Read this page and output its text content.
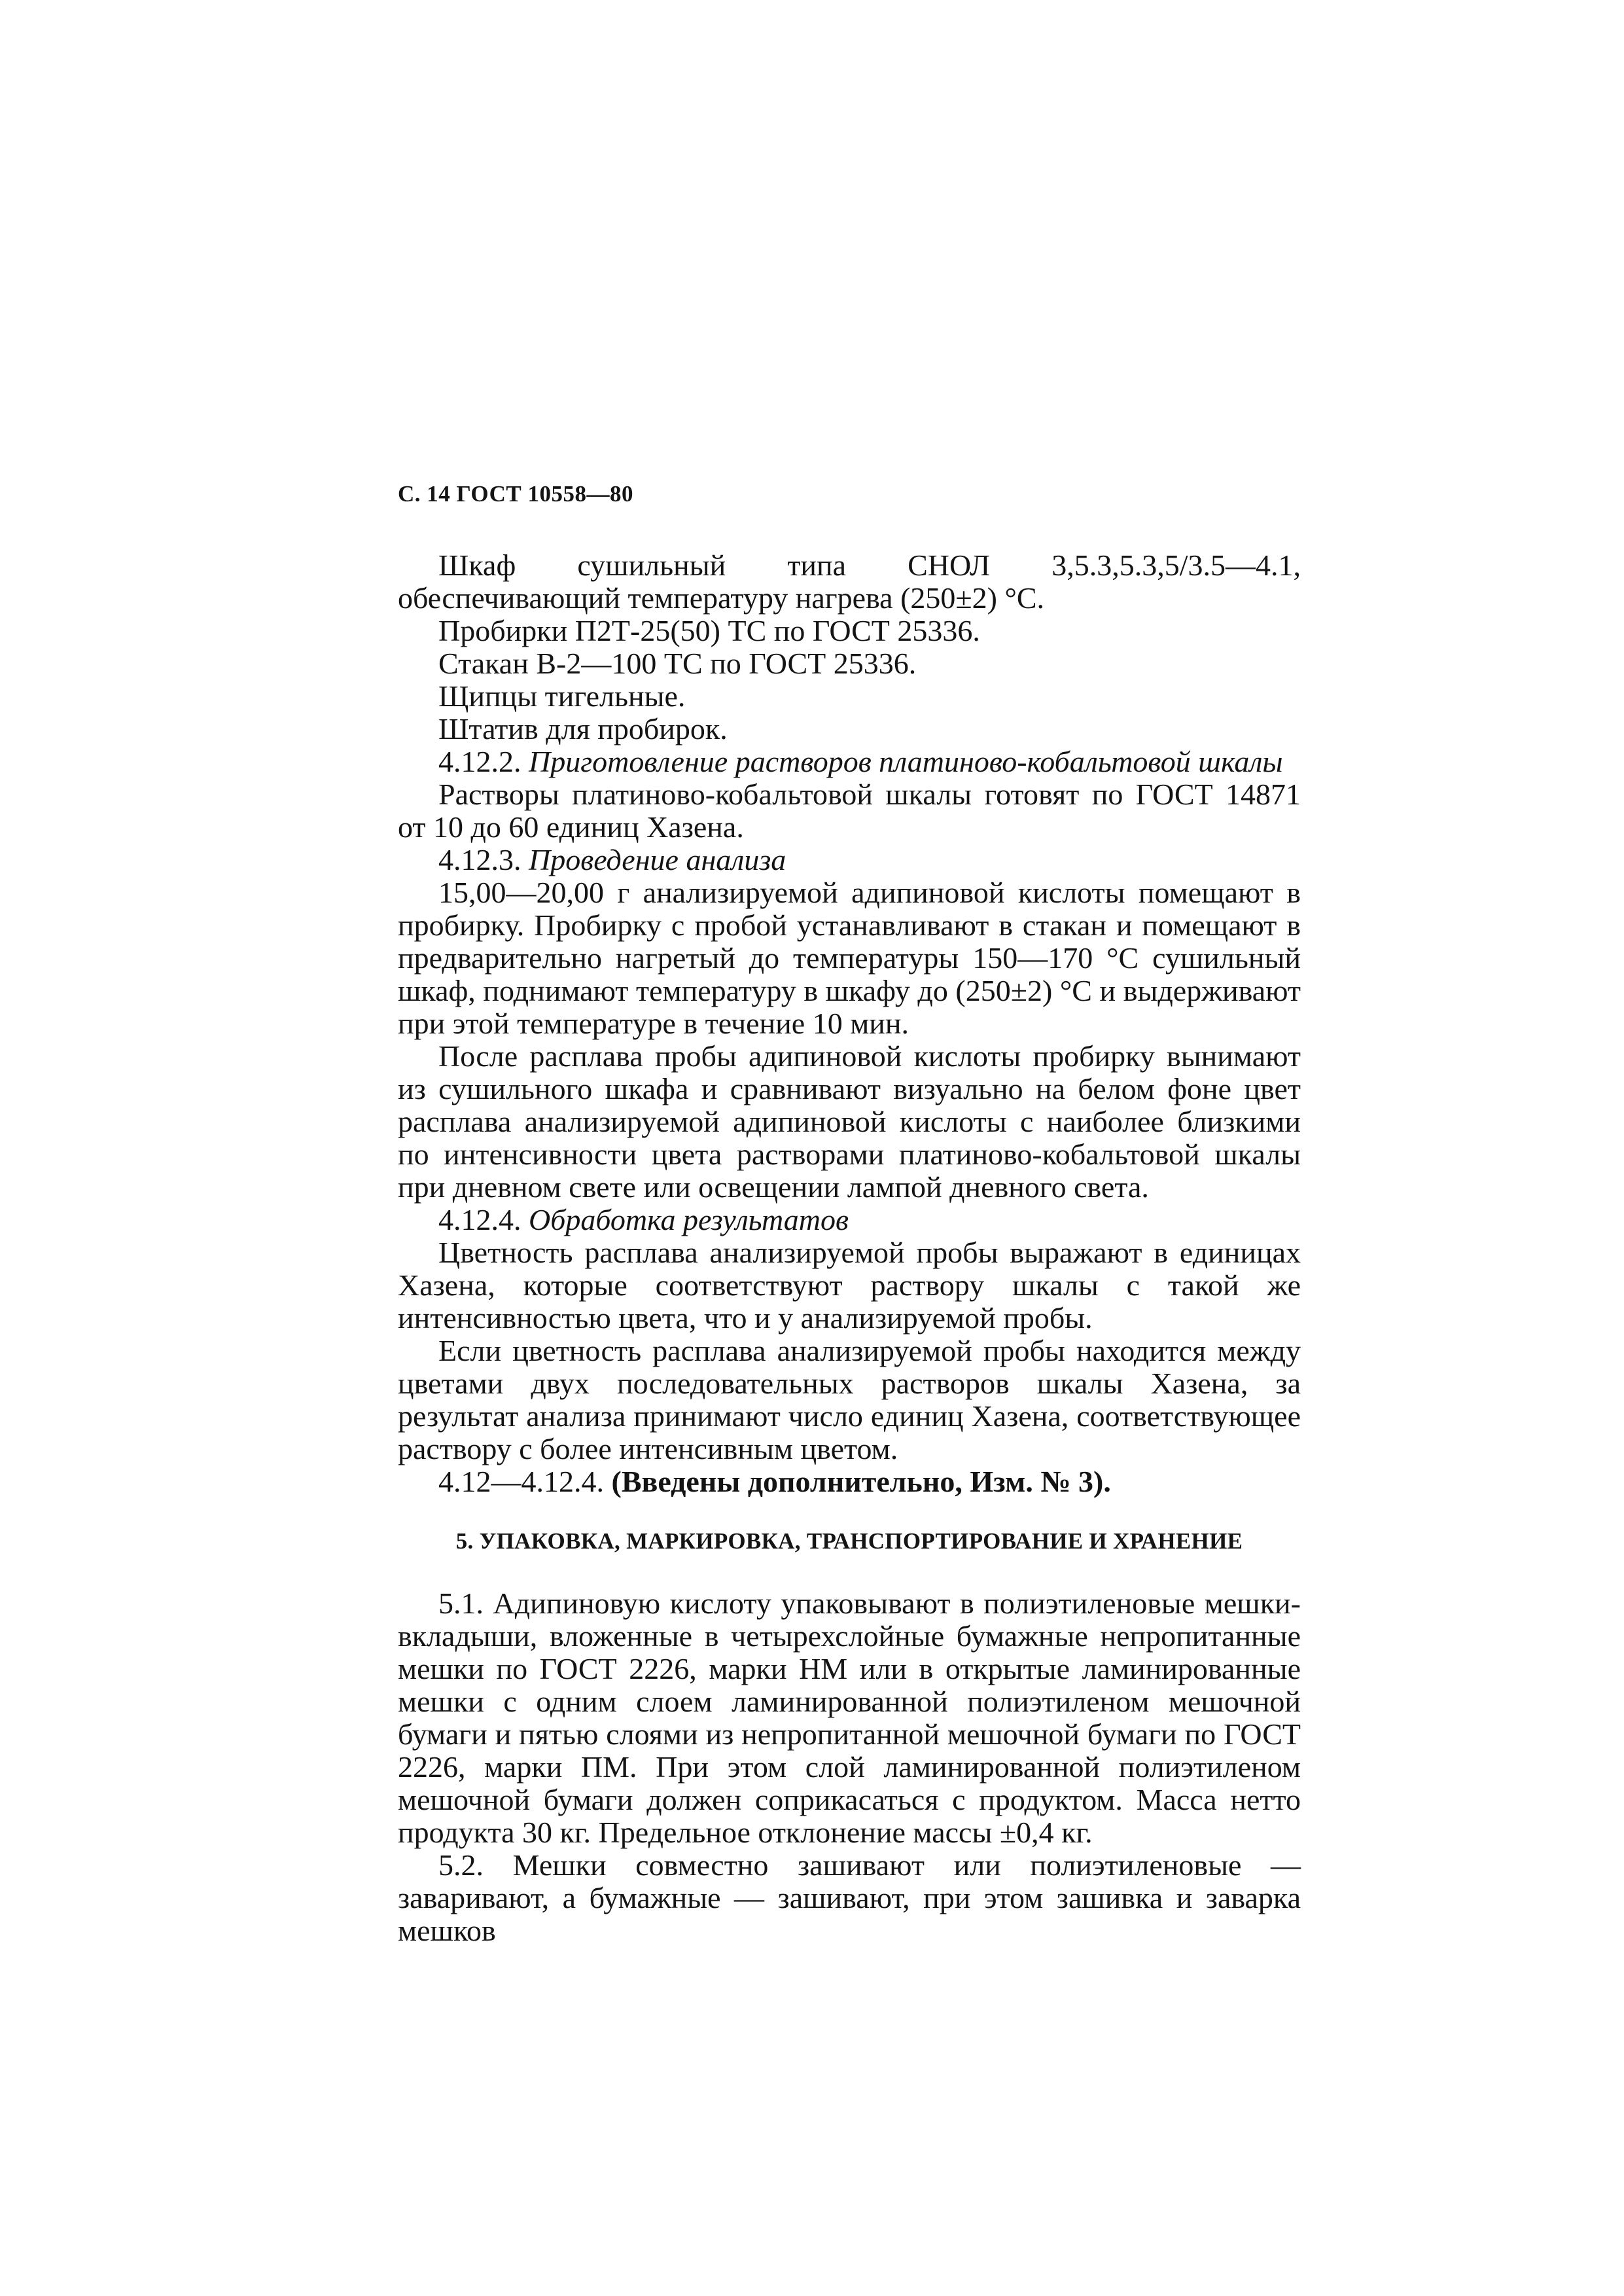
С. 14 ГОСТ 10558—80

Шкаф сушильный типа СНОЛ 3,5.3,5.3,5/3.5—4.1, обеспечивающий температуру нагрева (250±2) °С.

Пробирки П2Т-25(50) ТС по ГОСТ 25336.

Стакан В-2—100 ТС по ГОСТ 25336.

Щипцы тигельные.

Штатив для пробирок.

4.12.2. Приготовление растворов платиново-кобальтовой шкалы

Растворы платиново-кобальтовой шкалы готовят по ГОСТ 14871 от 10 до 60 единиц Хазена.

4.12.3. Проведение анализа

15,00—20,00 г анализируемой адипиновой кислоты помещают в пробирку. Пробирку с пробой устанавливают в стакан и помещают в предварительно нагретый до температуры 150—170 °С сушильный шкаф, поднимают температуру в шкафу до (250±2) °С и выдерживают при этой температуре в течение 10 мин.

После расплава пробы адипиновой кислоты пробирку вынимают из сушильного шкафа и сравнивают визуально на белом фоне цвет расплава анализируемой адипиновой кислоты с наиболее близкими по интенсивности цвета растворами платиново-кобальтовой шкалы при дневном свете или освещении лампой дневного света.

4.12.4. Обработка результатов

Цветность расплава анализируемой пробы выражают в единицах Хазена, которые соответствуют раствору шкалы с такой же интенсивностью цвета, что и у анализируемой пробы.

Если цветность расплава анализируемой пробы находится между цветами двух последовательных растворов шкалы Хазена, за результат анализа принимают число единиц Хазена, соответствующее раствору с более интенсивным цветом.

4.12—4.12.4. (Введены дополнительно, Изм. № 3).

5. УПАКОВКА, МАРКИРОВКА, ТРАНСПОРТИРОВАНИЕ И ХРАНЕНИЕ

5.1. Адипиновую кислоту упаковывают в полиэтиленовые мешки-вкладыши, вложенные в четырехслойные бумажные непропитанные мешки по ГОСТ 2226, марки НМ или в открытые ламинированные мешки с одним слоем ламинированной полиэтиленом мешочной бумаги и пятью слоями из непропитанной мешочной бумаги по ГОСТ 2226, марки ПМ. При этом слой ламинированной полиэтиленом мешочной бумаги должен соприкасаться с продуктом. Масса нетто продукта 30 кг. Предельное отклонение массы ±0,4 кг.

5.2. Мешки совместно зашивают или полиэтиленовые — заваривают, а бумажные — зашивают, при этом зашивка и заварка мешков
